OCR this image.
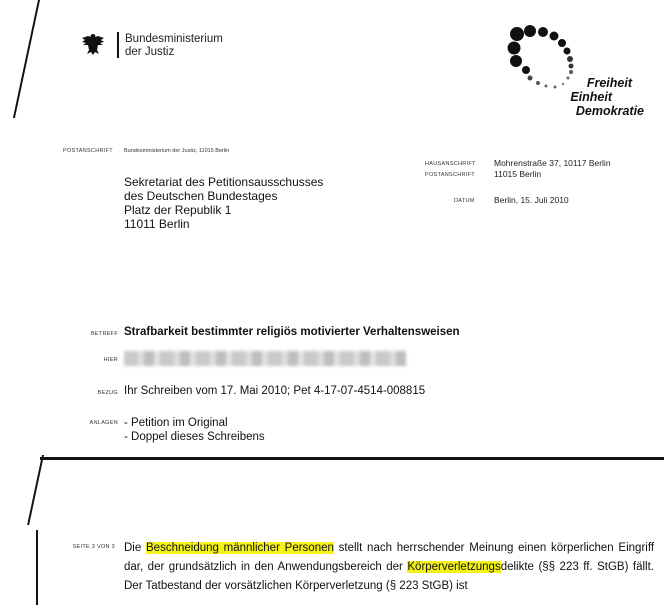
Bundesministerium
der Justiz
Freiheit
Einheit
Demokratie
POSTANSCHRIFT Bundesministerium der Justiz, 11015 Berlin
HAUSANSCHRIFT Mohrenstraße 37, 10117 Berlin
POSTANSCHRIFT 11015 Berlin
DATUM Berlin, 15. Juli 2010
Sekretariat des Petitionsausschusses
des Deutschen Bundestages
Platz der Republik 1
11011 Berlin
BETREFF Strafbarkeit bestimmter religiös motivierter Verhaltensweisen
HIER
BEZUG Ihr Schreiben vom 17. Mai 2010; Pet 4-17-07-4514-008815
ANLAGEN - Petition im Original
- Doppel dieses Schreibens
SEITE 3 VON 3 Die Beschneidung männlicher Personen stellt nach herrschender Meinung einen körperlichen Eingriff dar, der grundsätzlich in den Anwendungsbereich der Körperverletzungsdelikte (§§ 223 ff. StGB) fällt. Der Tatbestand der vorsätzlichen Körperverletzung (§ 223 StGB) ist
